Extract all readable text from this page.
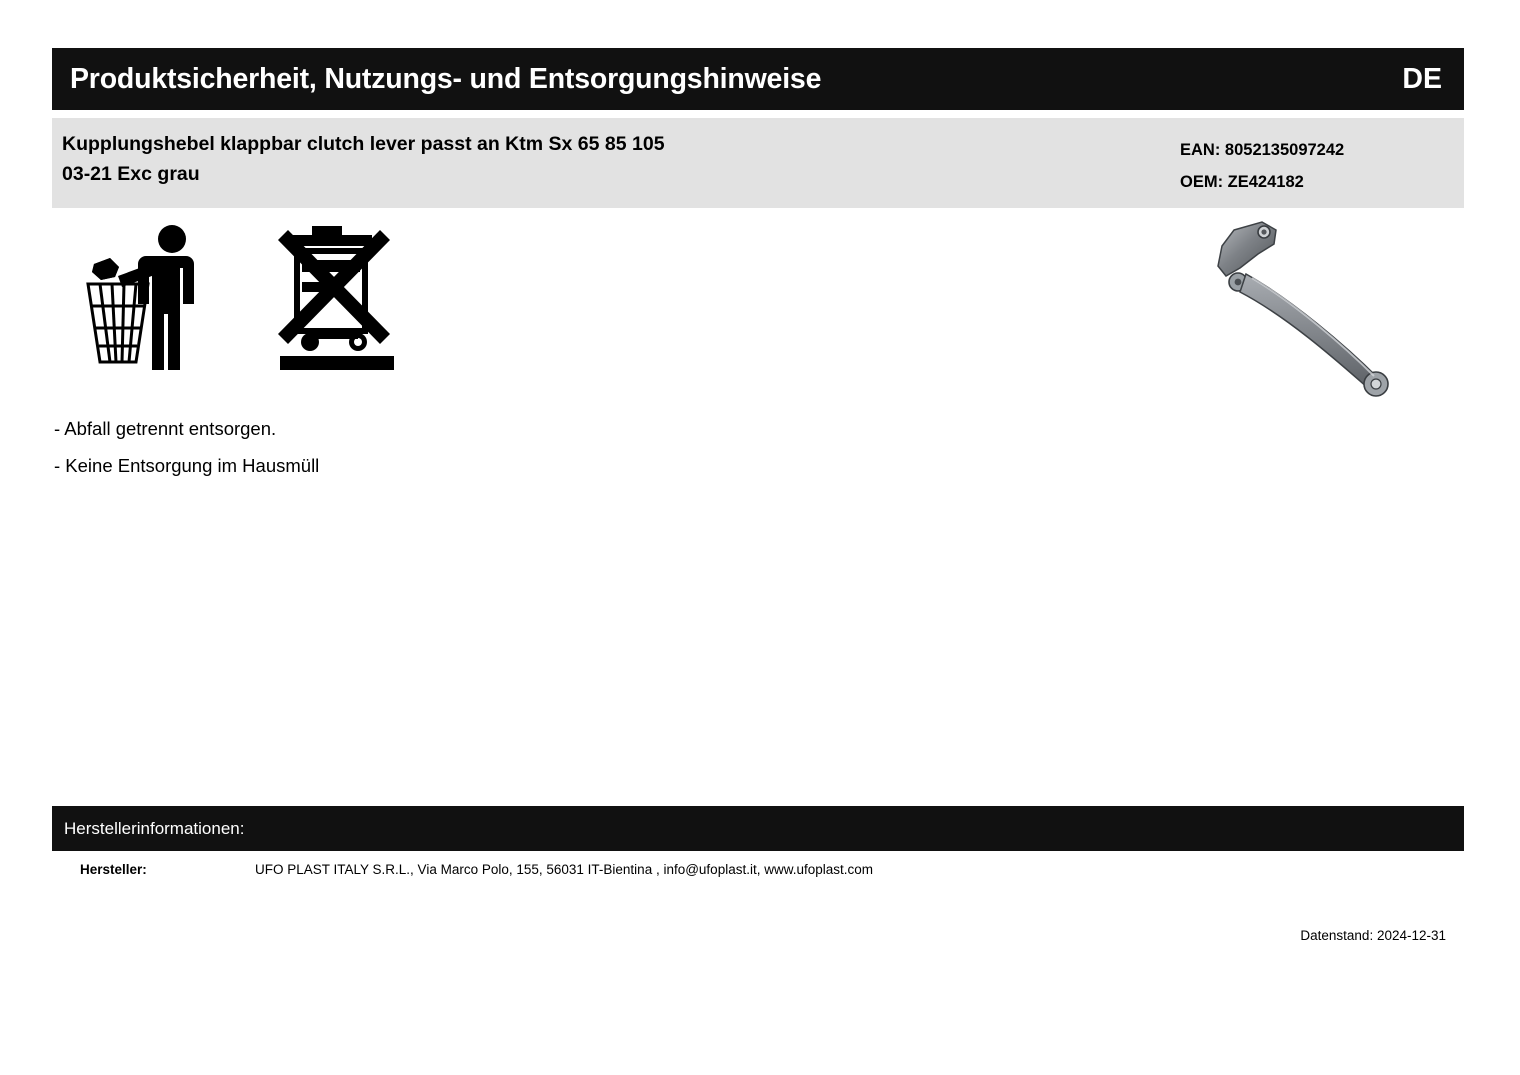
Produktsicherheit, Nutzungs- und Entsorgungshinweise	DE
Kupplungshebel klappbar clutch lever passt an Ktm Sx 65 85 105
03-21 Exc grau
EAN: 8052135097242
OEM: ZE424182
- Abfall getrennt entsorgen.
- Keine Entsorgung im Hausmüll
Herstellerinformationen:
Hersteller:	UFO PLAST ITALY S.R.L., Via Marco Polo, 155, 56031 IT-Bientina , info@ufoplast.it, www.ufoplast.com
Datenstand: 2024-12-31
